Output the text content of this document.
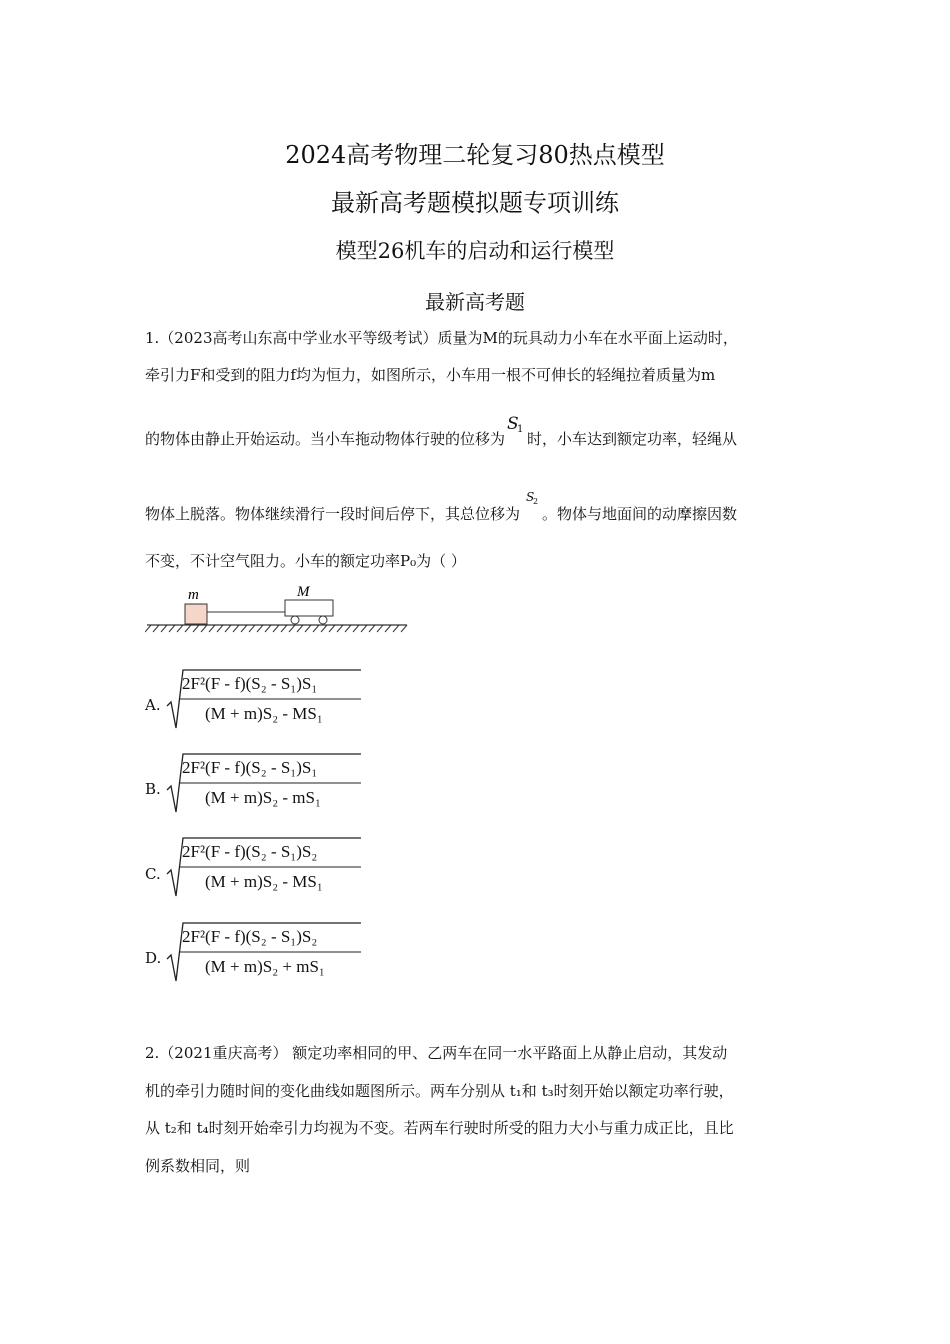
2024高考物理二轮复习80热点模型
最新高考题模拟题专项训练
模型26机车的启动和运行模型
最新高考题
1.（2023高考山东高中学业水平等级考试）质量为M的玩具动力小车在水平面上运动时，
牵引力F和受到的阻力f均为恒力，如图所示，小车用一根不可伸长的轻绳拉着质量为m
的物体由静止开始运动。当小车拖动物体行驶的位移为
S
1
时，小车达到额定功率，轻绳从
物体上脱落。物体继续滑行一段时间后停下，其总位移为
S
2
。物体与地面间的动摩擦因数
不变，不计空气阻力。小车的额定功率P₀为（ ）
m	M
A.
2F²(F - f)(S₂ - S₁)S₁
(M + m)S₂ - MS₁
B.
2F²(F - f)(S₂ - S₁)S₁
(M + m)S₂ - mS₁
C.
2F²(F - f)(S₂ - S₁)S₂
(M + m)S₂ - MS₁
D.
2F²(F - f)(S₂ - S₁)S₂
(M + m)S₂ + mS₁
2.（2021重庆高考） 额定功率相同的甲、乙两车在同一水平路面上从静止启动，其发动
机的牵引力随时间的变化曲线如题图所示。两车分别从 t₁和 t₃时刻开始以额定功率行驶，
从 t₂和 t₄时刻开始牵引力均视为不变。若两车行驶时所受的阻力大小与重力成正比，且比
例系数相同，则
